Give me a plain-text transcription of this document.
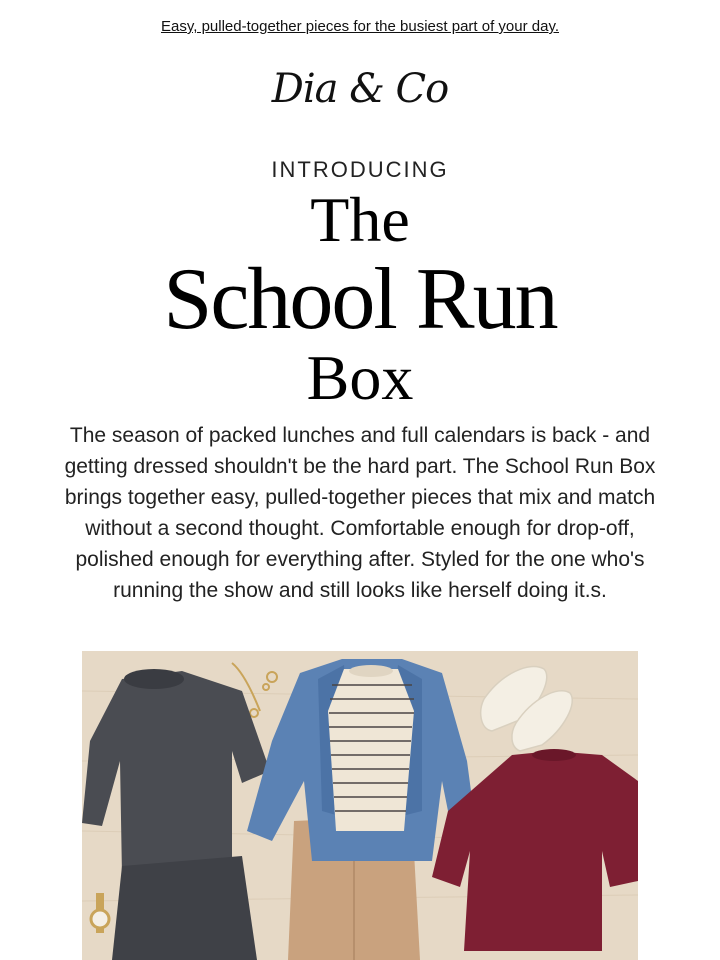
Easy, pulled-together pieces for the busiest part of your day.
Dia & Co
INTRODUCING
The
School Run
Box
The season of packed lunches and full calendars is back - and getting dressed shouldn't be the hard part. The School Run Box brings together easy, pulled-together pieces that mix and match without a second thought. Comfortable enough for drop-off, polished enough for everything after. Styled for the one who's running the show and still looks like herself doing it.s.
